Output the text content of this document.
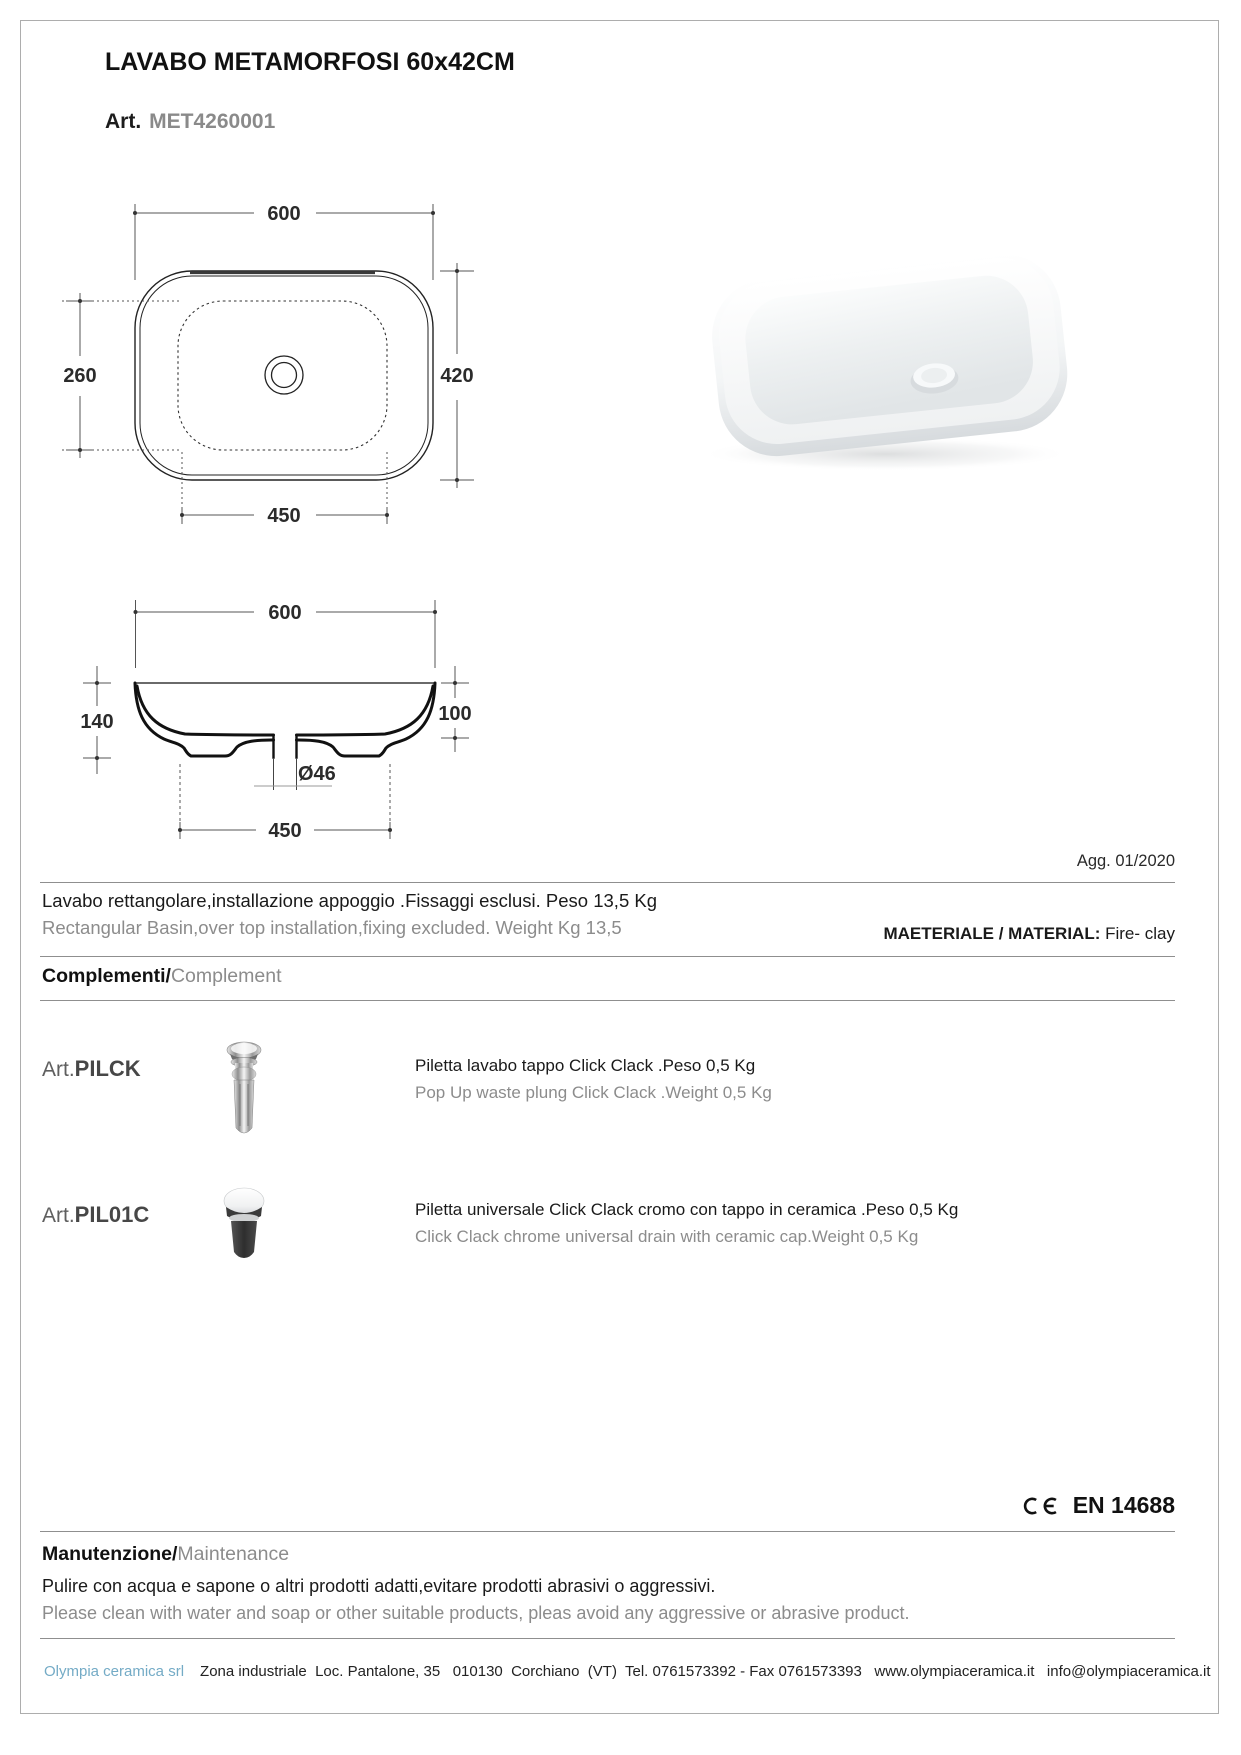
LAVABO METAMORFOSI 60x42CM
Art. MET4260001
600
420
260
450
600
140	100
Ø46
450
Agg. 01/2020
Lavabo rettangolare,installazione appoggio .Fissaggi esclusi. Peso 13,5 Kg
Rectangular Basin,over top installation,fixing excluded. Weight Kg 13,5	MAETERIALE / MATERIAL: Fire- clay
Complementi/Complement
Art.PILCK	Piletta lavabo tappo Click Clack .Peso 0,5 Kg
Pop Up waste plung Click Clack .Weight 0,5 Kg
Art.PIL01C	Piletta universale Click Clack cromo con tappo in ceramica .Peso 0,5 Kg
Click Clack chrome universal drain with ceramic cap.Weight 0,5 Kg
EN 14688
Manutenzione/Maintenance
Pulire con acqua e sapone o altri prodotti adatti,evitare prodotti abrasivi o aggressivi.
Please clean with water and soap or other suitable products, pleas avoid any aggressive or abrasive product.
Olympia ceramica srl Zona industriale  Loc. Pantalone, 35   010130  Corchiano  (VT)  Tel. 0761573392 - Fax 0761573393   www.olympiaceramica.it   info@olympiaceramica.it
